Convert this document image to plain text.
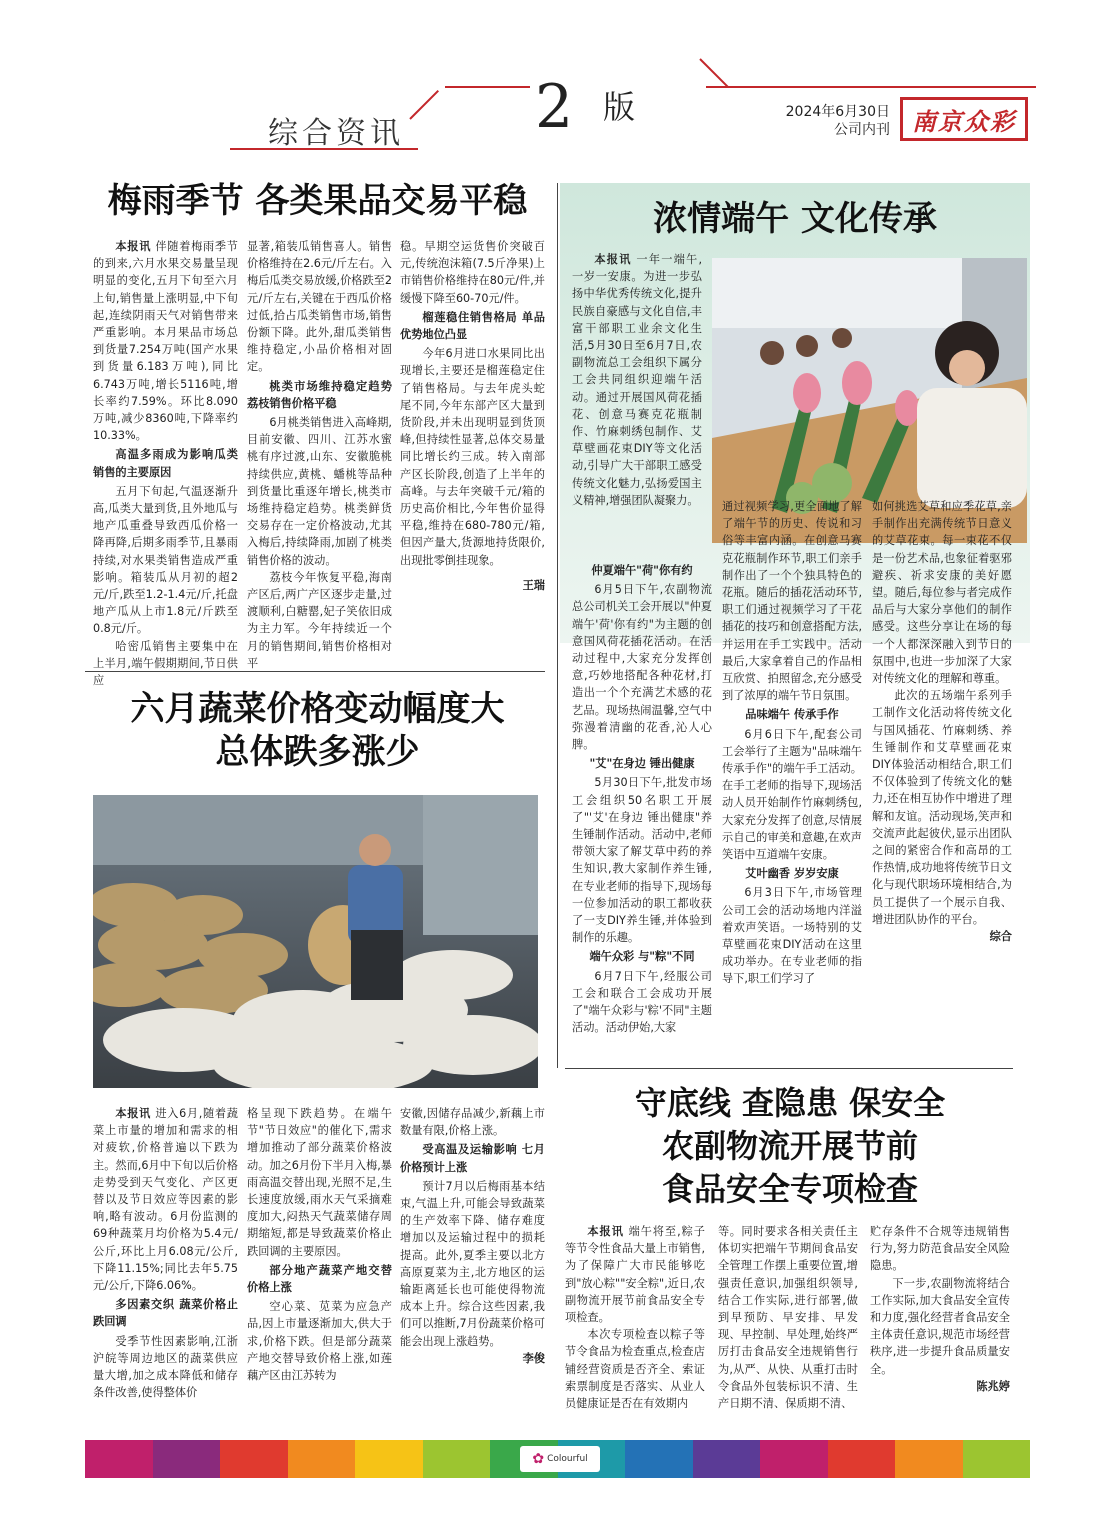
综合资讯 2 版	2024年6月30日
公司内刊 南京众彩
梅雨季节 各类果品交易平稳

本报讯 伴随着梅雨季节的到来,六月水果交易量呈现明显的变化,五月下旬至六月上旬,销售量上涨明显,中下旬起,连续阴雨天气对销售带来严重影响。本月果品市场总到货量7.254万吨(国产水果到货量6.183万吨),同比6.743万吨,增长5116吨,增长率约7.59%。环比8.090万吨,减少8360吨,下降率约10.33%。

高温多雨成为影响瓜类销售的主要原因

五月下旬起,气温逐渐升高,瓜类大量到货,且外地瓜与地产瓜重叠导致西瓜价格一降再降,后期多雨季节,且暴雨持续,对水果类销售造成严重影响。箱装瓜从月初的超2元/斤,跌至1.2-1.4元/斤,托盘地产瓜从上市1.8元/斤跌至0.8元/斤。

哈密瓜销售主要集中在上半月,端午假期期间,节日供应

显著,箱装瓜销售喜人。销售价格维持在2.6元/斤左右。入梅后瓜类交易放缓,价格跌至2元/斤左右,关键在于西瓜价格过低,拾占瓜类销售市场,销售份额下降。此外,甜瓜类销售维持稳定,小品价格相对固定。

桃类市场维持稳定趋势 荔枝销售价格平稳

6月桃类销售进入高峰期,目前安徽、四川、江苏水蜜桃有序过渡,山东、安徽脆桃持续供应,黄桃、蟠桃等品种到货量比重逐年增长,桃类市场维持稳定趋势。桃类鲜货交易存在一定价格波动,尤其入梅后,持续降雨,加剧了桃类销售价格的波动。

荔枝今年恢复平稳,海南产区后,两广产区逐步走量,过渡顺利,白糖罂,妃子笑依旧成为主力军。今年持续近一个月的销售期间,销售价格相对平

稳。早期空运货售价突破百元,传统泡沫箱(7.5斤净果)上市销售价格维持在80元/件,并缓慢下降至60-70元/件。

榴莲稳住销售格局 单品优势地位凸显

今年6月进口水果同比出现增长,主要还是榴莲稳定住了销售格局。与去年虎头蛇尾不同,今年东部产区大量到货阶段,并未出现明显到货顶峰,但持续性显著,总体交易量同比增长约三成。转入南部产区长阶段,创造了上半年的高峰。与去年突破千元/箱的历史高价相比,今年售价显得平稳,维持在680-780元/箱,但因产量大,货源地持货限价,出现批零倒挂现象。

王瑞

六月蔬菜价格变动幅度大
总体跌多涨少

本报讯 进入6月,随着蔬菜上市量的增加和需求的相对疲软,价格普遍以下跌为主。然而,6月中下旬以后价格走势受到天气变化、产区更替以及节日效应等因素的影响,略有波动。6月份监测的69种蔬菜月均价格为5.4元/公斤,环比上月6.08元/公斤,下降11.15%;同比去年5.75元/公斤,下降6.06%。

多因素交织 蔬菜价格止跌回调

受季节性因素影响,江浙沪皖等周边地区的蔬菜供应量大增,加之成本降低和储存条件改善,使得整体价

格呈现下跌趋势。在端午节"节日效应"的催化下,需求增加推动了部分蔬菜价格波动。加之6月份下半月入梅,暴雨高温交替出现,光照不足,生长速度放缓,雨水天气采摘难度加大,闷热天气蔬菜储存周期缩短,都是导致蔬菜价格止跌回调的主要原因。

部分地产蔬菜产地交替价格上涨

空心菜、苋菜为应急产品,因上市量逐渐加大,供大于求,价格下跌。但是部分蔬菜产地交替导致价格上涨,如莲藕产区由江苏转为

安徽,因储存品减少,新藕上市数量有限,价格上涨。

受高温及运输影响 七月价格预计上涨

预计7月以后梅雨基本结束,气温上升,可能会导致蔬菜的生产效率下降、储存难度增加以及运输过程中的损耗提高。此外,夏季主要以北方高原夏菜为主,北方地区的运输距离延长也可能使得物流成本上升。综合这些因素,我们可以推断,7月份蔬菜价格可能会出现上涨趋势。

李俊

浓情端午 文化传承

本报讯 一年一端午,一岁一安康。为进一步弘扬中华优秀传统文化,提升民族自豪感与文化自信,丰富干部职工业余文化生活,5月30日至6月7日,农副物流总工会组织下属分工会共同组织迎端午活动。通过开展国风荷花插花、创意马赛克花瓶制作、竹麻刺绣包制作、艾草壁画花束DIY等文化活动,引导广大干部职工感受传统文化魅力,弘扬爱国主义精神,增强团队凝聚力。

仲夏端午"荷"你有约

6月5日下午,农副物流总公司机关工会开展以"仲夏端午'荷'你有约"为主题的创意国风荷花插花活动。在活动过程中,大家充分发挥创意,巧妙地搭配各种花材,打造出一个个充满艺术感的花艺品。现场热闹温馨,空气中弥漫着清幽的花香,沁人心脾。

"艾"在身边 锤出健康

5月30日下午,批发市场工会组织50名职工开展了"'艾'在身边 锤出健康"养生锤制作活动。活动中,老师带领大家了解艾草中药的养生知识,教大家制作养生锤,在专业老师的指导下,现场每一位参加活动的职工都收获了一支DIY养生锤,并体验到制作的乐趣。

端午众彩 与"粽"不同

6月7日下午,经服公司工会和联合工会成功开展了"端午众彩与'粽'不同"主题活动。活动伊始,大家

通过视频学习,更全面地了解了端午节的历史、传说和习俗等丰富内涵。在创意马赛克花瓶制作环节,职工们亲手制作出了一个个独具特色的花瓶。随后的插花活动环节,职工们通过视频学习了干花插花的技巧和创意搭配方法,并运用在手工实践中。活动最后,大家拿着自己的作品相互欣赏、拍照留念,充分感受到了浓厚的端午节日氛围。

品味端午 传承手作

6月6日下午,配套公司工会举行了主题为"品味端午 传承手作"的端午手工活动。在手工老师的指导下,现场活动人员开始制作竹麻刺绣包,大家充分发挥了创意,尽情展示自己的审美和意趣,在欢声笑语中互道端午安康。

艾叶幽香 岁岁安康

6月3日下午,市场管理公司工会的活动场地内洋溢着欢声笑语。一场特别的艾草壁画花束DIY活动在这里成功举办。在专业老师的指导下,职工们学习了

如何挑选艾草和应季花草,亲手制作出充满传统节日意义的艾草花束。每一束花不仅是一份艺术品,也象征着驱邪避疾、祈求安康的美好愿望。随后,每位参与者完成作品后与大家分享他们的制作感受。这些分享让在场的每一个人都深深融入到节日的氛围中,也进一步加深了大家对传统文化的理解和尊重。

此次的五场端午系列手工制作文化活动将传统文化与国风插花、竹麻刺绣、养生锤制作和艾草壁画花束DIY体验活动相结合,职工们不仅体验到了传统文化的魅力,还在相互协作中增进了理解和友谊。活动现场,笑声和交流声此起彼伏,显示出团队之间的紧密合作和高昂的工作热情,成功地将传统节日文化与现代职场环境相结合,为员工提供了一个展示自我、增进团队协作的平台。

综合

守底线 查隐患 保安全
农副物流开展节前
食品安全专项检查

本报讯 端午将至,粽子等节令性食品大量上市销售,为了保障广大市民能够吃到"放心粽""安全粽",近日,农副物流开展节前食品安全专项检查。

本次专项检查以粽子等节令食品为检查重点,检查店铺经营资质是否齐全、索证索票制度是否落实、从业人员健康证是否在有效期内

等。同时要求各相关责任主体切实把端午节期间食品安全管理工作摆上重要位置,增强责任意识,加强组织领导,结合工作实际,进行部署,做到早预防、早安排、早发现、早控制、早处理,始终严厉打击食品安全违规销售行为,从严、从快、从重打击时令食品外包装标识不清、生产日期不清、保质期不清、

贮存条件不合规等违规销售行为,努力防范食品安全风险隐患。

下一步,农副物流将结合工作实际,加大食品安全宣传和力度,强化经营者食品安全主体责任意识,规范市场经营秩序,进一步提升食品质量安全。

陈兆婷

✿ Colourful
